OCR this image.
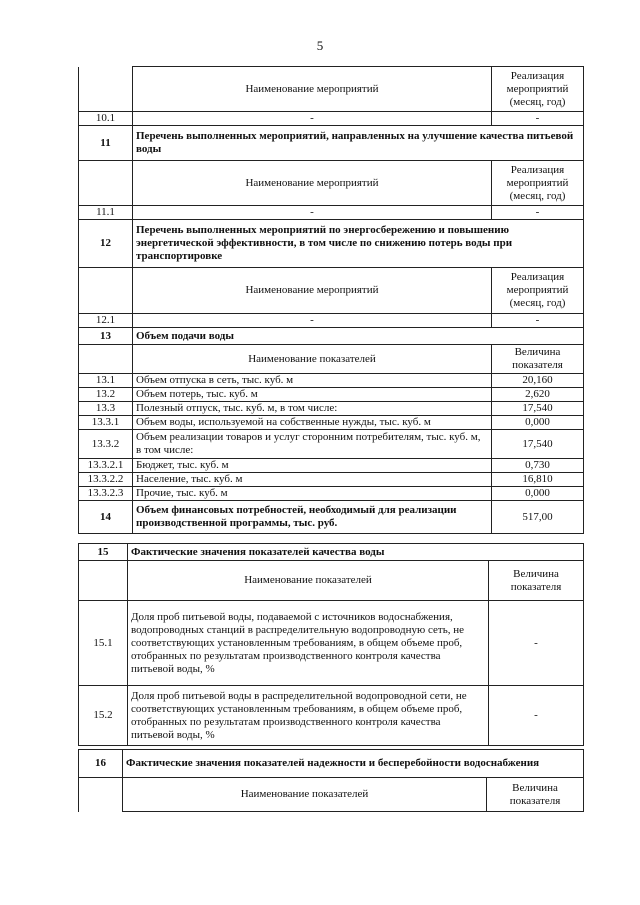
5
	Наименование мероприятий	Реализация мероприятий (месяц, год)
10.1	-	-
11	Перечень выполненных мероприятий, направленных на улучшение качества питьевой воды
	Наименование мероприятий	Реализация мероприятий (месяц, год)
11.1	-	-
12	Перечень выполненных мероприятий по энергосбережению и повышению энергетической эффективности, в том числе по снижению потерь воды при транспортировке
	Наименование мероприятий	Реализация мероприятий (месяц, год)
12.1	-	-
13	Объем подачи воды	
	Наименование показателей	Величина показателя
13.1	Объем отпуска в сеть, тыс. куб. м	20,160
13.2	Объем потерь, тыс. куб. м	2,620
13.3	Полезный отпуск, тыс. куб. м, в том числе:	17,540
13.3.1	Объем воды, используемой на собственные нужды, тыс. куб. м	0,000
13.3.2	Объем реализации товаров и услуг сторонним потребителям, тыс. куб. м, в том числе:	17,540
13.3.2.1	Бюджет, тыс. куб. м	0,730
13.3.2.2	Население, тыс. куб. м	16,810
13.3.2.3	Прочие, тыс. куб. м	0,000
14	Объем финансовых потребностей, необходимый для реализации производственной программы, тыс. руб.	517,00
15	Фактические значения показателей качества воды	
	Наименование показателей	Величина показателя
15.1	Доля проб питьевой воды, подаваемой с источников водоснабжения, водопроводных станций в распределительную водопроводную сеть, не соответствующих установленным требованиям, в общем объеме проб, отобранных по результатам производственного контроля качества питьевой воды, %	-
15.2	Доля проб питьевой воды в распределительной водопроводной сети, не соответствующих установленным требованиям, в общем объеме проб, отобранных по результатам производственного контроля качества питьевой воды, %	-
16	Фактические значения показателей надежности и бесперебойности водоснабжения	
	Наименование показателей	Величина показателя
